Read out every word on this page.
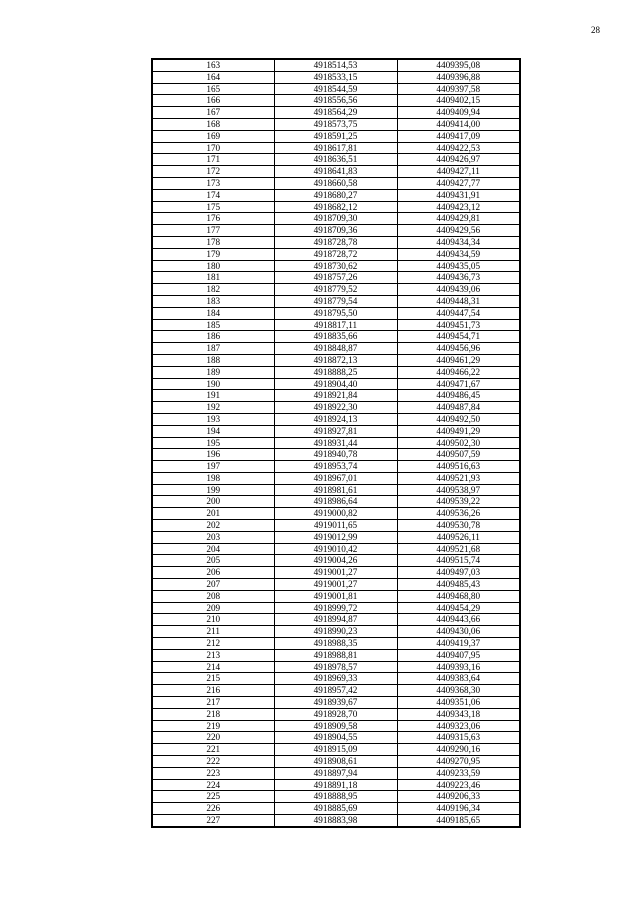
28
163	4918514,53	4409395,08
164	4918533,15	4409396,88
165	4918544,59	4409397,58
166	4918556,56	4409402,15
167	4918564,29	4409409,94
168	4918573,75	4409414,00
169	4918591,25	4409417,09
170	4918617,81	4409422,53
171	4918636,51	4409426,97
172	4918641,83	4409427,11
173	4918660,58	4409427,77
174	4918680,27	4409431,91
175	4918682,12	4409423,12
176	4918709,30	4409429,81
177	4918709,36	4409429,56
178	4918728,78	4409434,34
179	4918728,72	4409434,59
180	4918730,62	4409435,05
181	4918757,26	4409436,73
182	4918779,52	4409439,06
183	4918779,54	4409448,31
184	4918795,50	4409447,54
185	4918817,11	4409451,73
186	4918835,66	4409454,71
187	4918848,87	4409456,96
188	4918872,13	4409461,29
189	4918888,25	4409466,22
190	4918904,40	4409471,67
191	4918921,84	4409486,45
192	4918922,30	4409487,84
193	4918924,13	4409492,50
194	4918927,81	4409491,29
195	4918931,44	4409502,30
196	4918940,78	4409507,59
197	4918953,74	4409516,63
198	4918967,01	4409521,93
199	4918981,61	4409538,97
200	4918986,64	4409539,22
201	4919000,82	4409536,26
202	4919011,65	4409530,78
203	4919012,99	4409526,11
204	4919010,42	4409521,68
205	4919004,26	4409515,74
206	4919001,27	4409497,03
207	4919001,27	4409485,43
208	4919001,81	4409468,80
209	4918999,72	4409454,29
210	4918994,87	4409443,66
211	4918990,23	4409430,06
212	4918988,35	4409419,37
213	4918988,81	4409407,95
214	4918978,57	4409393,16
215	4918969,33	4409383,64
216	4918957,42	4409368,30
217	4918939,67	4409351,06
218	4918928,70	4409343,18
219	4918909,58	4409323,06
220	4918904,55	4409315,63
221	4918915,09	4409290,16
222	4918908,61	4409270,95
223	4918897,94	4409233,59
224	4918891,18	4409223,46
225	4918888,95	4409206,33
226	4918885,69	4409196,34
227	4918883,98	4409185,65
